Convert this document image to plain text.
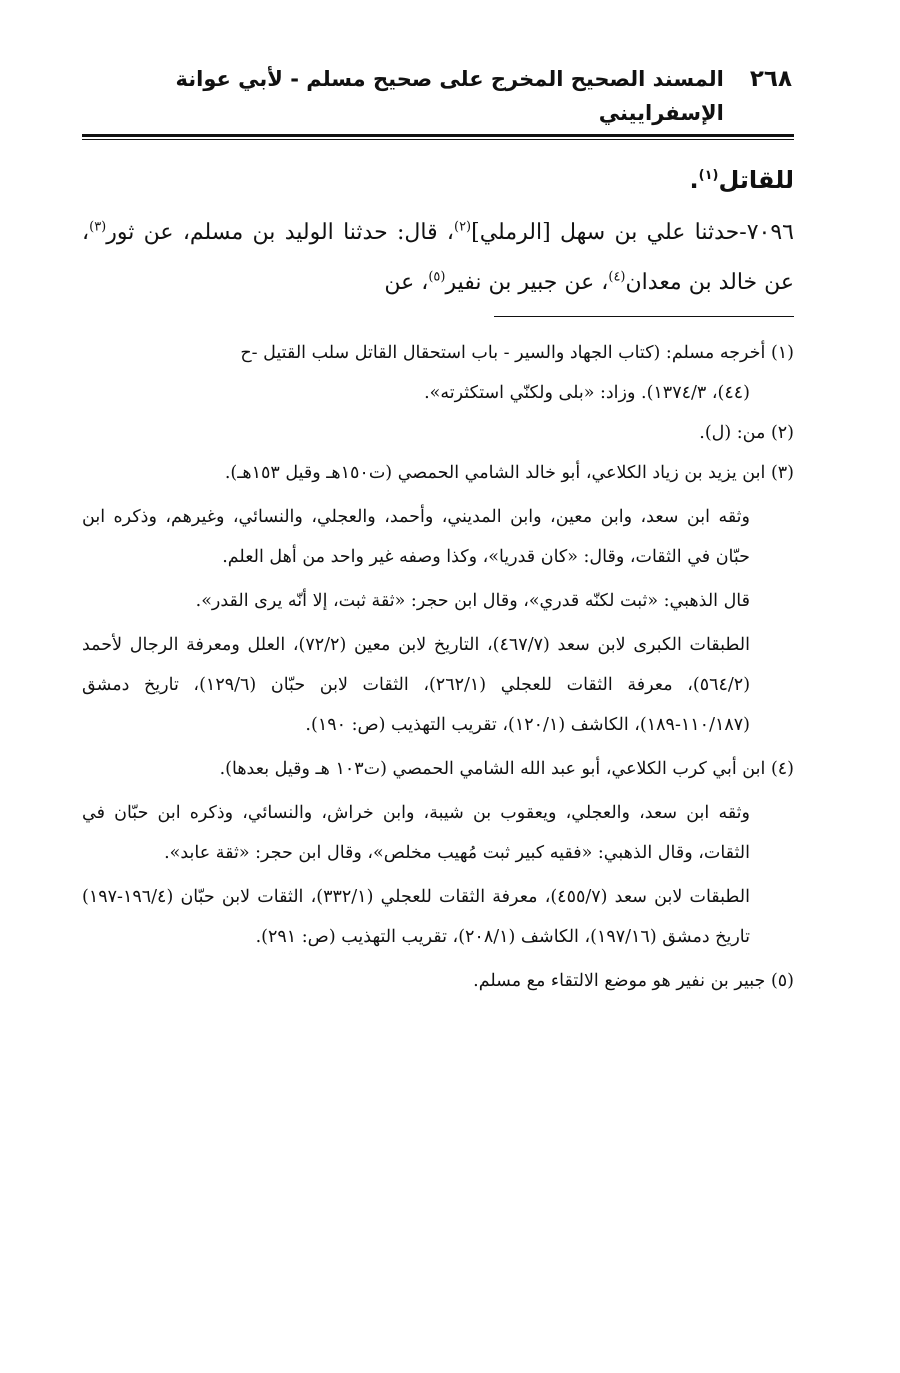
٢٦٨
المسند الصحيح المخرج على صحيح مسلم - لأبي عوانة الإسفراييني
للقاتل$^{(١)}$.
٧٠٩٦-حدثنا علي بن سهل [الرملي]$^{(٢)}$، قال: حدثنا الوليد بن مسلم، عن ثور$^{(٣)}$، عن خالد بن معدان$^{(٤)}$، عن جبير بن نفير$^{(٥)}$، عن
(١) أخرجه مسلم: (كتاب الجهاد والسير - باب استحقال القاتل سلب القتيل -ح
(٤٤)، ١٣٧٤/٣). وزاد: «بلى ولكنّي استكثرته».
(٢) من: (ل).
(٣) ابن يزيد بن زياد الكلاعي، أبو خالد الشامي الحمصي (ت١٥٠هـ وقيل ١٥٣هـ).
وثقه ابن سعد، وابن معين، وابن المديني، وأحمد، والعجلي، والنسائي، وغيرهم، وذكره ابن حبّان في الثقات، وقال: «كان قدريا»، وكذا وصفه غير واحد من أهل العلم.
قال الذهبي: «ثبت لكنّه قدري»، وقال ابن حجر: «ثقة ثبت، إلا أنّه يرى القدر».
الطبقات الكبرى لابن سعد (٤٦٧/٧)، التاريخ لابن معين (٧٢/٢)، العلل ومعرفة الرجال لأحمد (٥٦٤/٢)، معرفة الثقات للعجلي (٢٦٢/١)، الثقات لابن حبّان (١٢٩/٦)، تاريخ دمشق (١١٠/١٨٧-١٨٩)، الكاشف (١٢٠/١)، تقريب التهذيب (ص: ١٩٠).
(٤) ابن أبي كرب الكلاعي، أبو عبد الله الشامي الحمصي (ت١٠٣ هـ وقيل بعدها).
وثقه ابن سعد، والعجلي، ويعقوب بن شيبة، وابن خراش، والنسائي، وذكره ابن حبّان في الثقات، وقال الذهبي: «فقيه كبير ثبت مُهيب مخلص»، وقال ابن حجر: «ثقة عابد».
الطبقات لابن سعد (٤٥٥/٧)، معرفة الثقات للعجلي (٣٣٢/١)، الثقات لابن حبّان (١٩٦/٤-١٩٧) تاريخ دمشق (١٩٧/١٦)، الكاشف (٢٠٨/١)، تقريب التهذيب (ص: ٢٩١).
(٥) جبير بن نفير هو موضع الالتقاء مع مسلم.
